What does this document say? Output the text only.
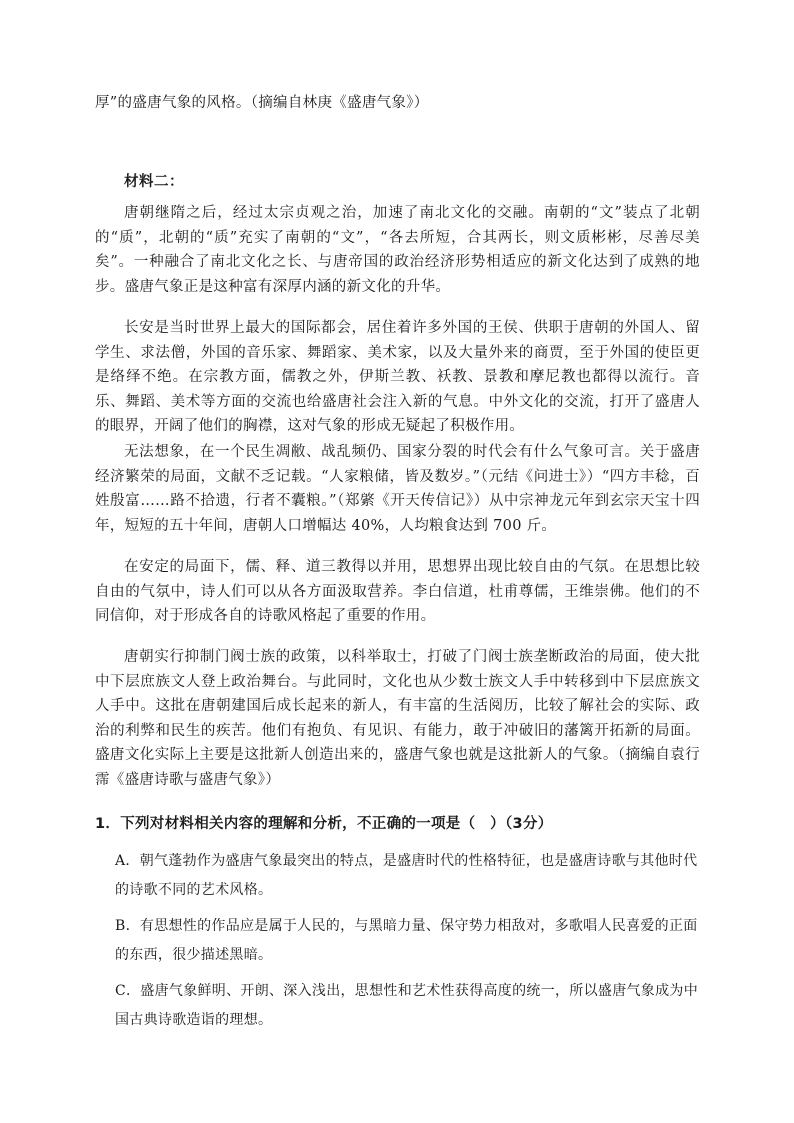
厚”的盛唐气象的风格。（摘编自林庚《盛唐气象》）
材料二：
唐朝继隋之后，经过太宗贞观之治，加速了南北文化的交融。南朝的“文”装点了北朝的“质”，北朝的“质”充实了南朝的“文”，“各去所短，合其两长，则文质彬彬，尽善尽美矣”。一种融合了南北文化之长、与唐帝国的政治经济形势相适应的新文化达到了成熟的地步。盛唐气象正是这种富有深厚内涵的新文化的升华。
长安是当时世界上最大的国际都会，居住着许多外国的王侯、供职于唐朝的外国人、留学生、求法僧，外国的音乐家、舞蹈家、美术家，以及大量外来的商贾，至于外国的使臣更是络绎不绝。在宗教方面，儒教之外，伊斯兰教、袄教、景教和摩尼教也都得以流行。音乐、舞蹈、美术等方面的交流也给盛唐社会注入新的气息。中外文化的交流，打开了盛唐人的眼界，开阔了他们的胸襟，这对气象的形成无疑起了积极作用。
无法想象，在一个民生凋敝、战乱频仍、国家分裂的时代会有什么气象可言。关于盛唐经济繁荣的局面，文献不乏记载。“人家粮储，皆及数岁。”（元结《问进士》）“四方丰稔，百姓殷富……路不拾遗，行者不囊粮。”（郑綮《开天传信记》）从中宗神龙元年到玄宗天宝十四年，短短的五十年间，唐朝人口增幅达 40%，人均粮食达到 700 斤。
在安定的局面下，儒、释、道三教得以并用，思想界出现比较自由的气氛。在思想比较自由的气氛中，诗人们可以从各方面汲取营养。李白信道，杜甫尊儒，王维崇佛。他们的不同信仰，对于形成各自的诗歌风格起了重要的作用。
唐朝实行抑制门阀士族的政策，以科举取士，打破了门阀士族垄断政治的局面，使大批中下层庶族文人登上政治舞台。与此同时，文化也从少数士族文人手中转移到中下层庶族文人手中。这批在唐朝建国后成长起来的新人，有丰富的生活阅历，比较了解社会的实际、政治的利弊和民生的疾苦。他们有抱负、有见识、有能力，敢于冲破旧的藩篱开拓新的局面。盛唐文化实际上主要是这批新人创造出来的，盛唐气象也就是这批新人的气象。（摘编自袁行霈《盛唐诗歌与盛唐气象》）
1．下列对材料相关内容的理解和分析，不正确的一项是（　）（3分）
A．朝气蓬勃作为盛唐气象最突出的特点，是盛唐时代的性格特征，也是盛唐诗歌与其他时代的诗歌不同的艺术风格。
B．有思想性的作品应是属于人民的，与黑暗力量、保守势力相敌对，多歌唱人民喜爱的正面的东西，很少描述黑暗。
C．盛唐气象鲜明、开朗、深入浅出，思想性和艺术性获得高度的统一，所以盛唐气象成为中国古典诗歌造诣的理想。
